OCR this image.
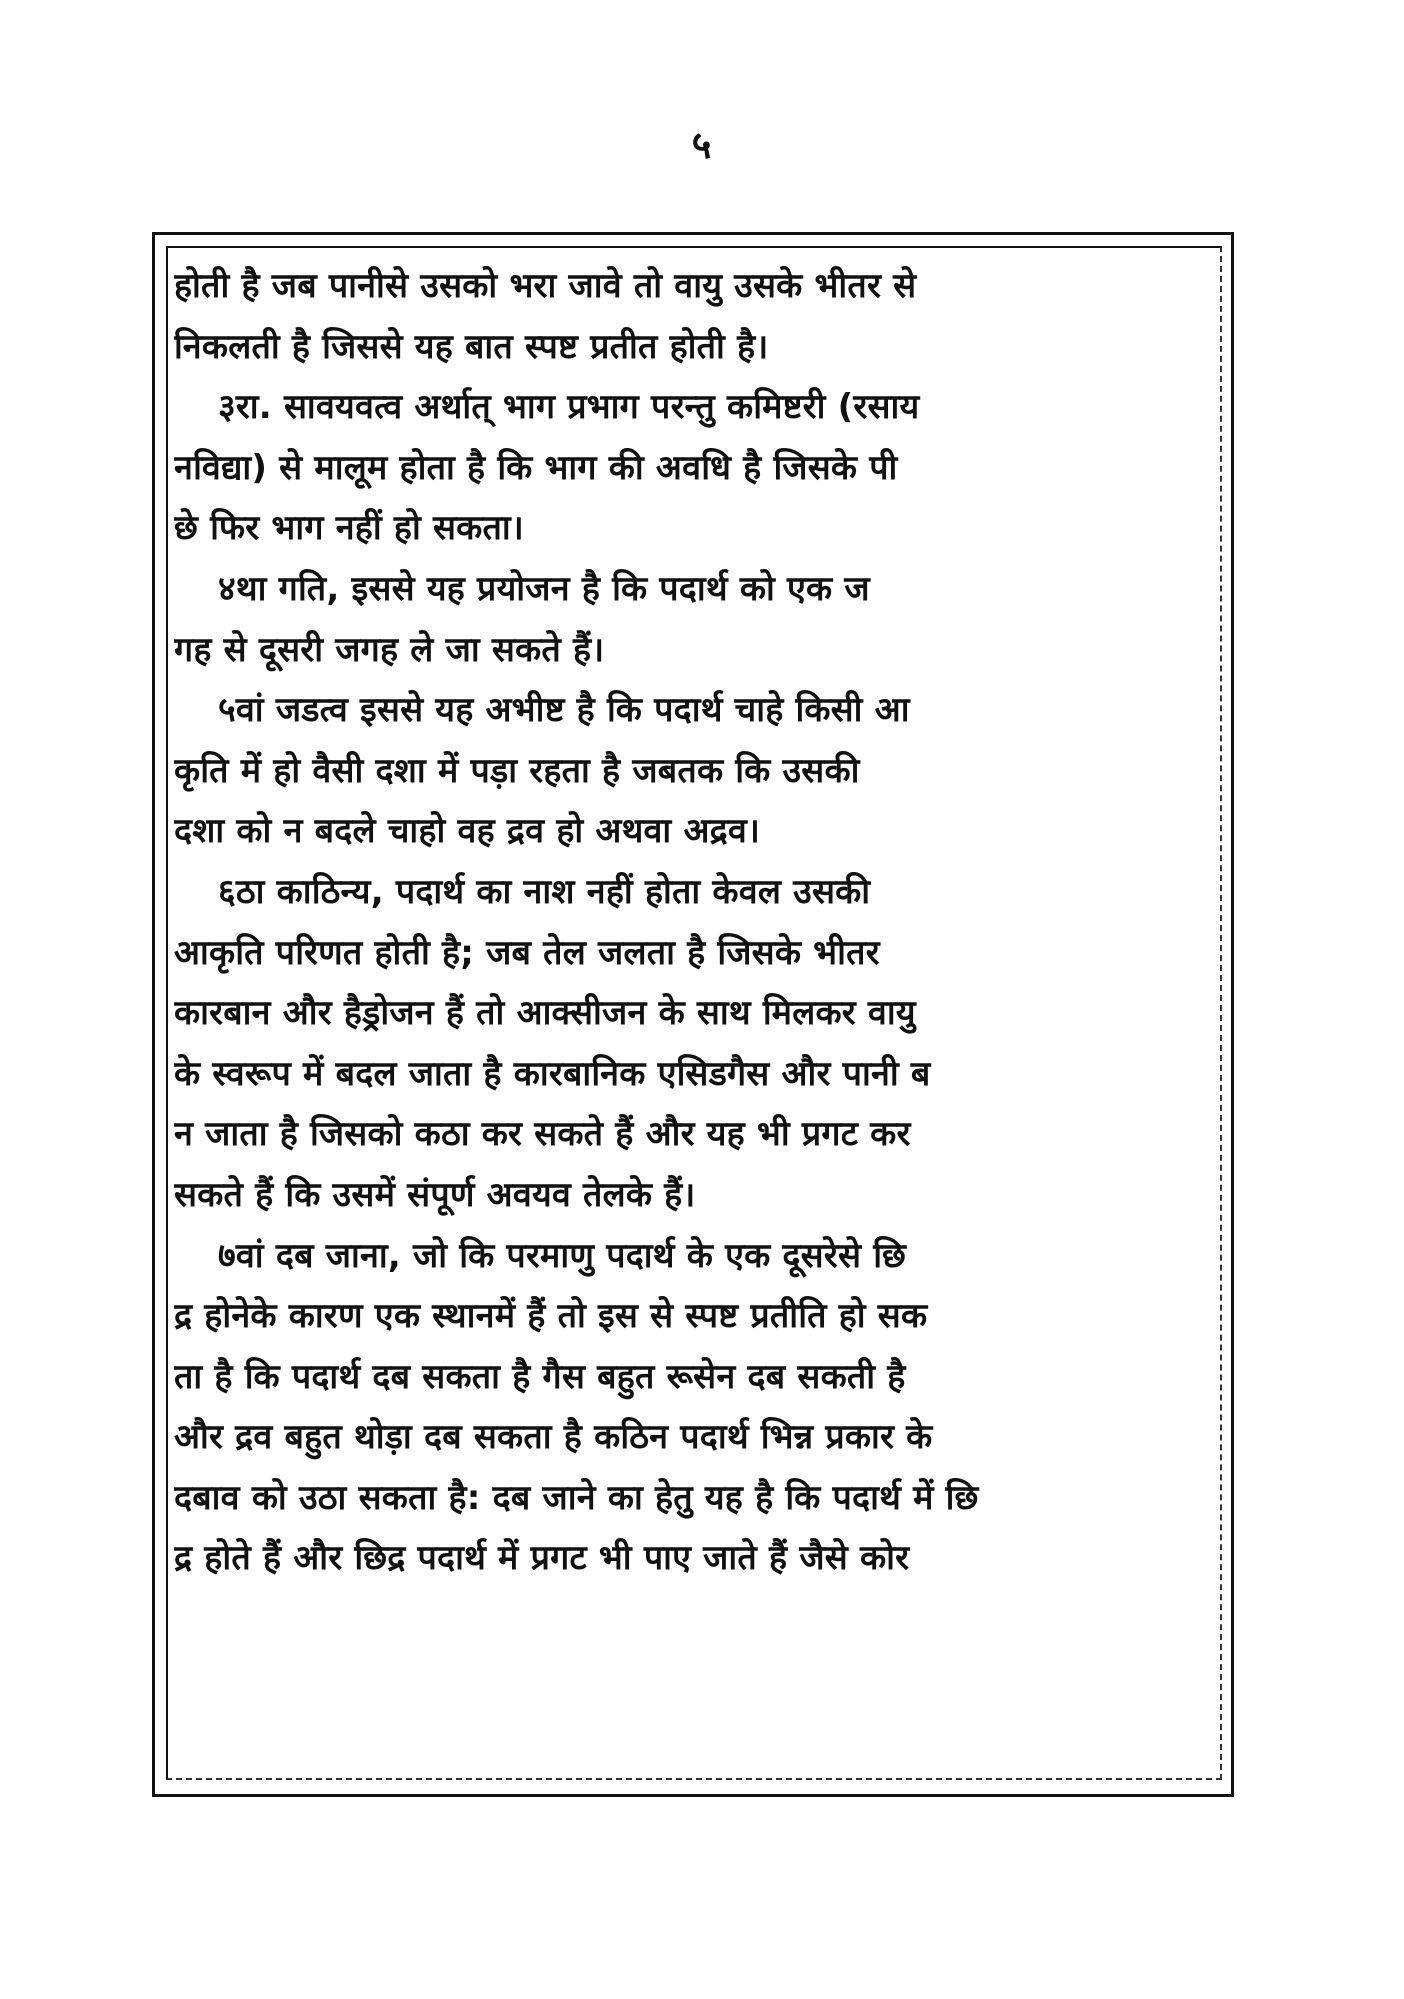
५
होती है जब पानीसे उसको भरा जावे तो वायु उसके भीतर से
निकलती है जिससे यह बात स्पष्ट प्रतीत होती है।
३रा. सावयवत्व अर्थात् भाग प्रभाग परन्तु कमिष्टरी (रसाय
नविद्या) से मालूम होता है कि भाग की अवधि है जिसके पी
छे फिर भाग नहीं हो सकता।
४था गति, इससे यह प्रयोजन है कि पदार्थ को एक ज
गह से दूसरी जगह ले जा सकते हैं।
५वां जडत्व इससे यह अभीष्ट है कि पदार्थ चाहे किसी आ
कृति में हो वैसी दशा में पड़ा रहता है जबतक कि उसकी
दशा को न बदले चाहो वह द्रव हो अथवा अद्रव।
६ठा काठिन्य, पदार्थ का नाश नहीं होता केवल उसकी
आकृति परिणत होती है; जब तेल जलता है जिसके भीतर
कारबान और हैड्रोजन हैं तो आक्सीजन के साथ मिलकर वायु
के स्वरूप में बदल जाता है कारबानिक एसिडगैस और पानी ब
न जाता है जिसको कठा कर सकते हैं और यह भी प्रगट कर
सकते हैं कि उसमें संपूर्ण अवयव तेलके हैं।
७वां दब जाना, जो कि परमाणु पदार्थ के एक दूसरेसे छि
द्र होनेके कारण एक स्थानमें हैं तो इस से स्पष्ट प्रतीति हो सक
ता है कि पदार्थ दब सकता है गैस बहुत रूसेन दब सकती है
और द्रव बहुत थोड़ा दब सकता है कठिन पदार्थ भिन्न प्रकार के
दबाव को उठा सकता है: दब जाने का हेतु यह है कि पदार्थ में छि
द्र होते हैं और छिद्र पदार्थ में प्रगट भी पाए जाते हैं जैसे कोर
